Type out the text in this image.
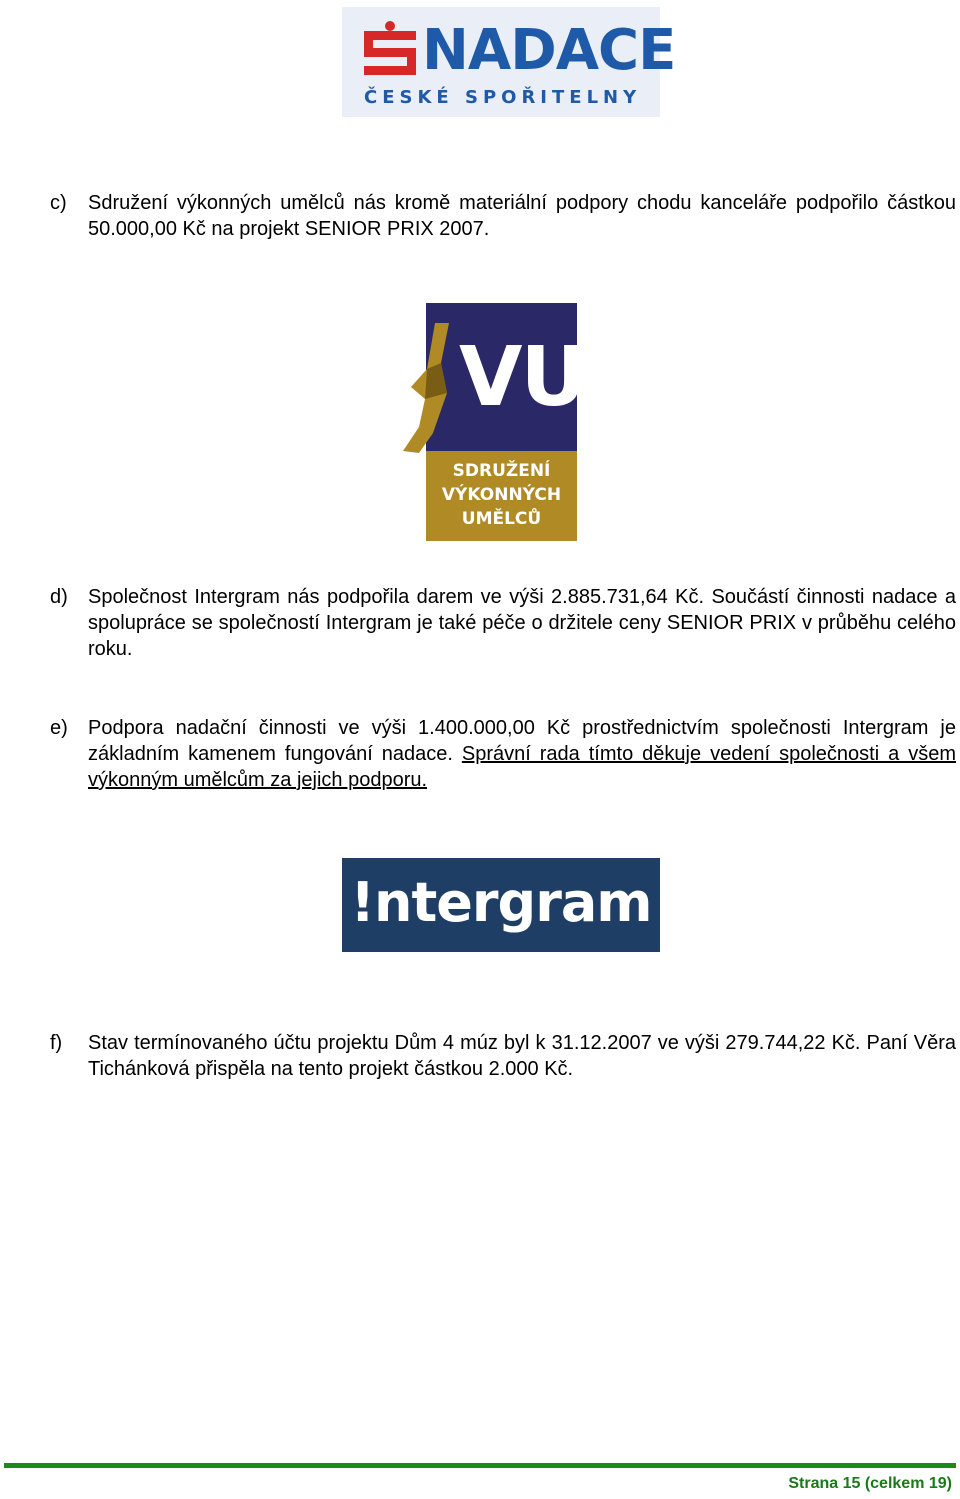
NADACE
ČESKÉ SPOŘITELNY
c) Sdružení výkonných umělců nás kromě materiální podpory chodu kanceláře podpořilo částkou 50.000,00 Kč na projekt SENIOR PRIX 2007.
VU
SDRUŽENÍ
VÝKONNÝCH
UMĚLCŮ
d) Společnost Intergram nás podpořila darem ve výši 2.885.731,64 Kč. Součástí činnosti nadace a spolupráce se společností Intergram je také péče o držitele ceny SENIOR PRIX v průběhu celého roku.
e) Podpora nadační činnosti ve výši 1.400.000,00 Kč prostřednictvím společnosti Intergram je základním kamenem fungování nadace. Správní rada tímto děkuje vedení společnosti a všem výkonným umělcům za jejich podporu.
!ntergram
f) Stav termínovaného účtu projektu Dům 4 múz byl k 31.12.2007 ve výši 279.744,22 Kč. Paní Věra Tichánková přispěla na tento projekt částkou 2.000 Kč.
Strana 15 (celkem 19)
